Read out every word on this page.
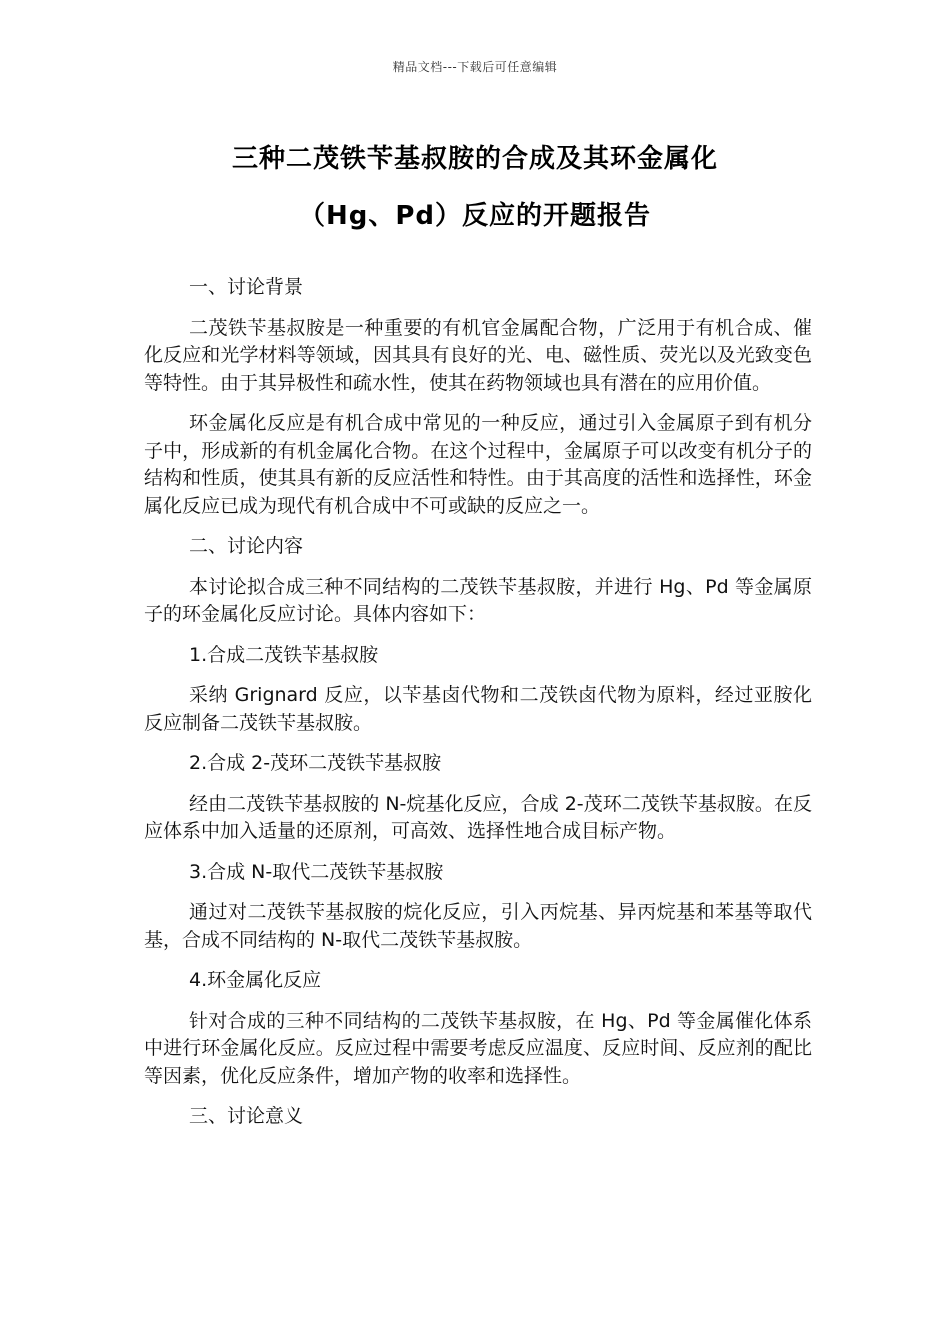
精品文档---下载后可任意编辑
三种二茂铁苄基叔胺的合成及其环金属化
（Hg、Pd）反应的开题报告
一、讨论背景

二茂铁苄基叔胺是一种重要的有机官金属配合物，广泛用于有机合成、催化反应和光学材料等领域，因其具有良好的光、电、磁性质、荧光以及光致变色等特性。由于其异极性和疏水性，使其在药物领域也具有潜在的应用价值。

环金属化反应是有机合成中常见的一种反应，通过引入金属原子到有机分子中，形成新的有机金属化合物。在这个过程中，金属原子可以改变有机分子的结构和性质，使其具有新的反应活性和特性。由于其高度的活性和选择性，环金属化反应已成为现代有机合成中不可或缺的反应之一。

二、讨论内容

本讨论拟合成三种不同结构的二茂铁苄基叔胺，并进行 Hg、Pd 等金属原子的环金属化反应讨论。具体内容如下：

1.合成二茂铁苄基叔胺

采纳 Grignard 反应，以苄基卤代物和二茂铁卤代物为原料，经过亚胺化反应制备二茂铁苄基叔胺。

2.合成 2-茂环二茂铁苄基叔胺

经由二茂铁苄基叔胺的 N-烷基化反应，合成 2-茂环二茂铁苄基叔胺。在反应体系中加入适量的还原剂，可高效、选择性地合成目标产物。

3.合成 N-取代二茂铁苄基叔胺

通过对二茂铁苄基叔胺的烷化反应，引入丙烷基、异丙烷基和苯基等取代基，合成不同结构的 N-取代二茂铁苄基叔胺。

4.环金属化反应

针对合成的三种不同结构的二茂铁苄基叔胺，在 Hg、Pd 等金属催化体系中进行环金属化反应。反应过程中需要考虑反应温度、反应时间、反应剂的配比等因素，优化反应条件，增加产物的收率和选择性。

三、讨论意义
